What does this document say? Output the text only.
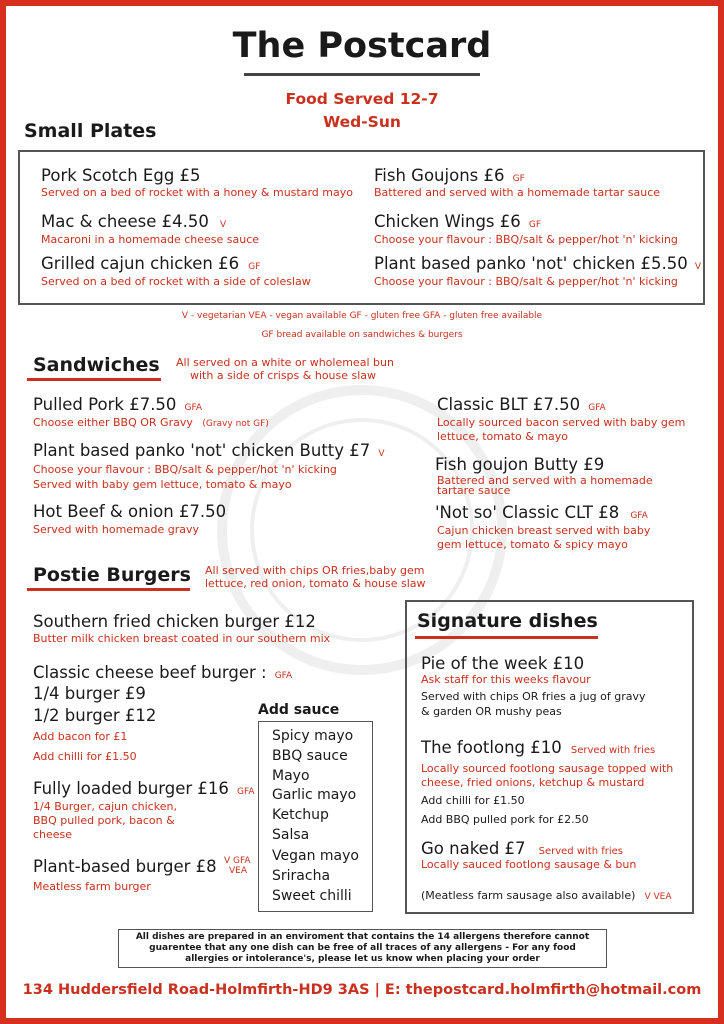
The Postcard
Food Served 12-7
Wed-Sun
Small Plates
Pork Scotch Egg £5
Served on a bed of rocket with a honey & mustard mayo
Mac & cheese £4.50 V
Macaroni in a homemade cheese sauce
Grilled cajun chicken £6 GF
Served on a bed of rocket with a side of coleslaw
Fish Goujons £6 GF
Battered and served with a homemade tartar sauce
Chicken Wings £6 GF
Choose your flavour : BBQ/salt & pepper/hot 'n' kicking
Plant based panko 'not' chicken £5.50 V
Choose your flavour : BBQ/salt & pepper/hot 'n' kicking
V - vegetarian VEA - vegan available GF - gluten free GFA - gluten free available
GF bread available on sandwiches & burgers
Sandwiches All served on a white or wholemeal bun
with a side of crisps & house slaw
Pulled Pork £7.50 GFA
Choose either BBQ OR Gravy (Gravy not GF)
Plant based panko 'not' chicken Butty £7 V
Choose your flavour : BBQ/salt & pepper/hot 'n' kicking
Served with baby gem lettuce, tomato & mayo
Hot Beef & onion £7.50
Served with homemade gravy
Classic BLT £7.50 GFA
Locally sourced bacon served with baby gem
lettuce, tomato & mayo
Fish goujon Butty £9
Battered and served with a homemade
tartare sauce
'Not so' Classic CLT £8 GFA
Cajun chicken breast served with baby
gem lettuce, tomato & spicy mayo
Postie Burgers All served with chips OR fries,baby gem
lettuce, red onion, tomato & house slaw
Southern fried chicken burger £12
Butter milk chicken breast coated in our southern mix
Classic cheese beef burger : GFA
1/4 burger £9
1/2 burger £12
Add bacon for £1
Add chilli for £1.50
Fully loaded burger £16 GFA
1/4 Burger, cajun chicken,
BBQ pulled pork, bacon &
cheese
Plant-based burger £8 V GFA
VEA
Meatless farm burger
Add sauce
Spicy mayo
BBQ sauce
Mayo
Garlic mayo
Ketchup
Salsa
Vegan mayo
Sriracha
Sweet chilli
Signature dishes
Pie of the week £10
Ask staff for this weeks flavour
Served with chips OR fries a jug of gravy
& garden OR mushy peas
The footlong £10 Served with fries
Locally sourced footlong sausage topped with
cheese, fried onions, ketchup & mustard
Add chilli for £1.50
Add BBQ pulled pork for £2.50
Go naked £7 Served with fries
Locally sauced footlong sausage & bun
(Meatless farm sausage also available) V VEA
All dishes are prepared in an enviroment that contains the 14 allergens therefore cannot guarentee that any one dish can be free of all traces of any allergens - For any food allergies or intolerance's, please let us know when placing your order
134 Huddersfield Road-Holmfirth-HD9 3AS | E: thepostcard.holmfirth@hotmail.com
